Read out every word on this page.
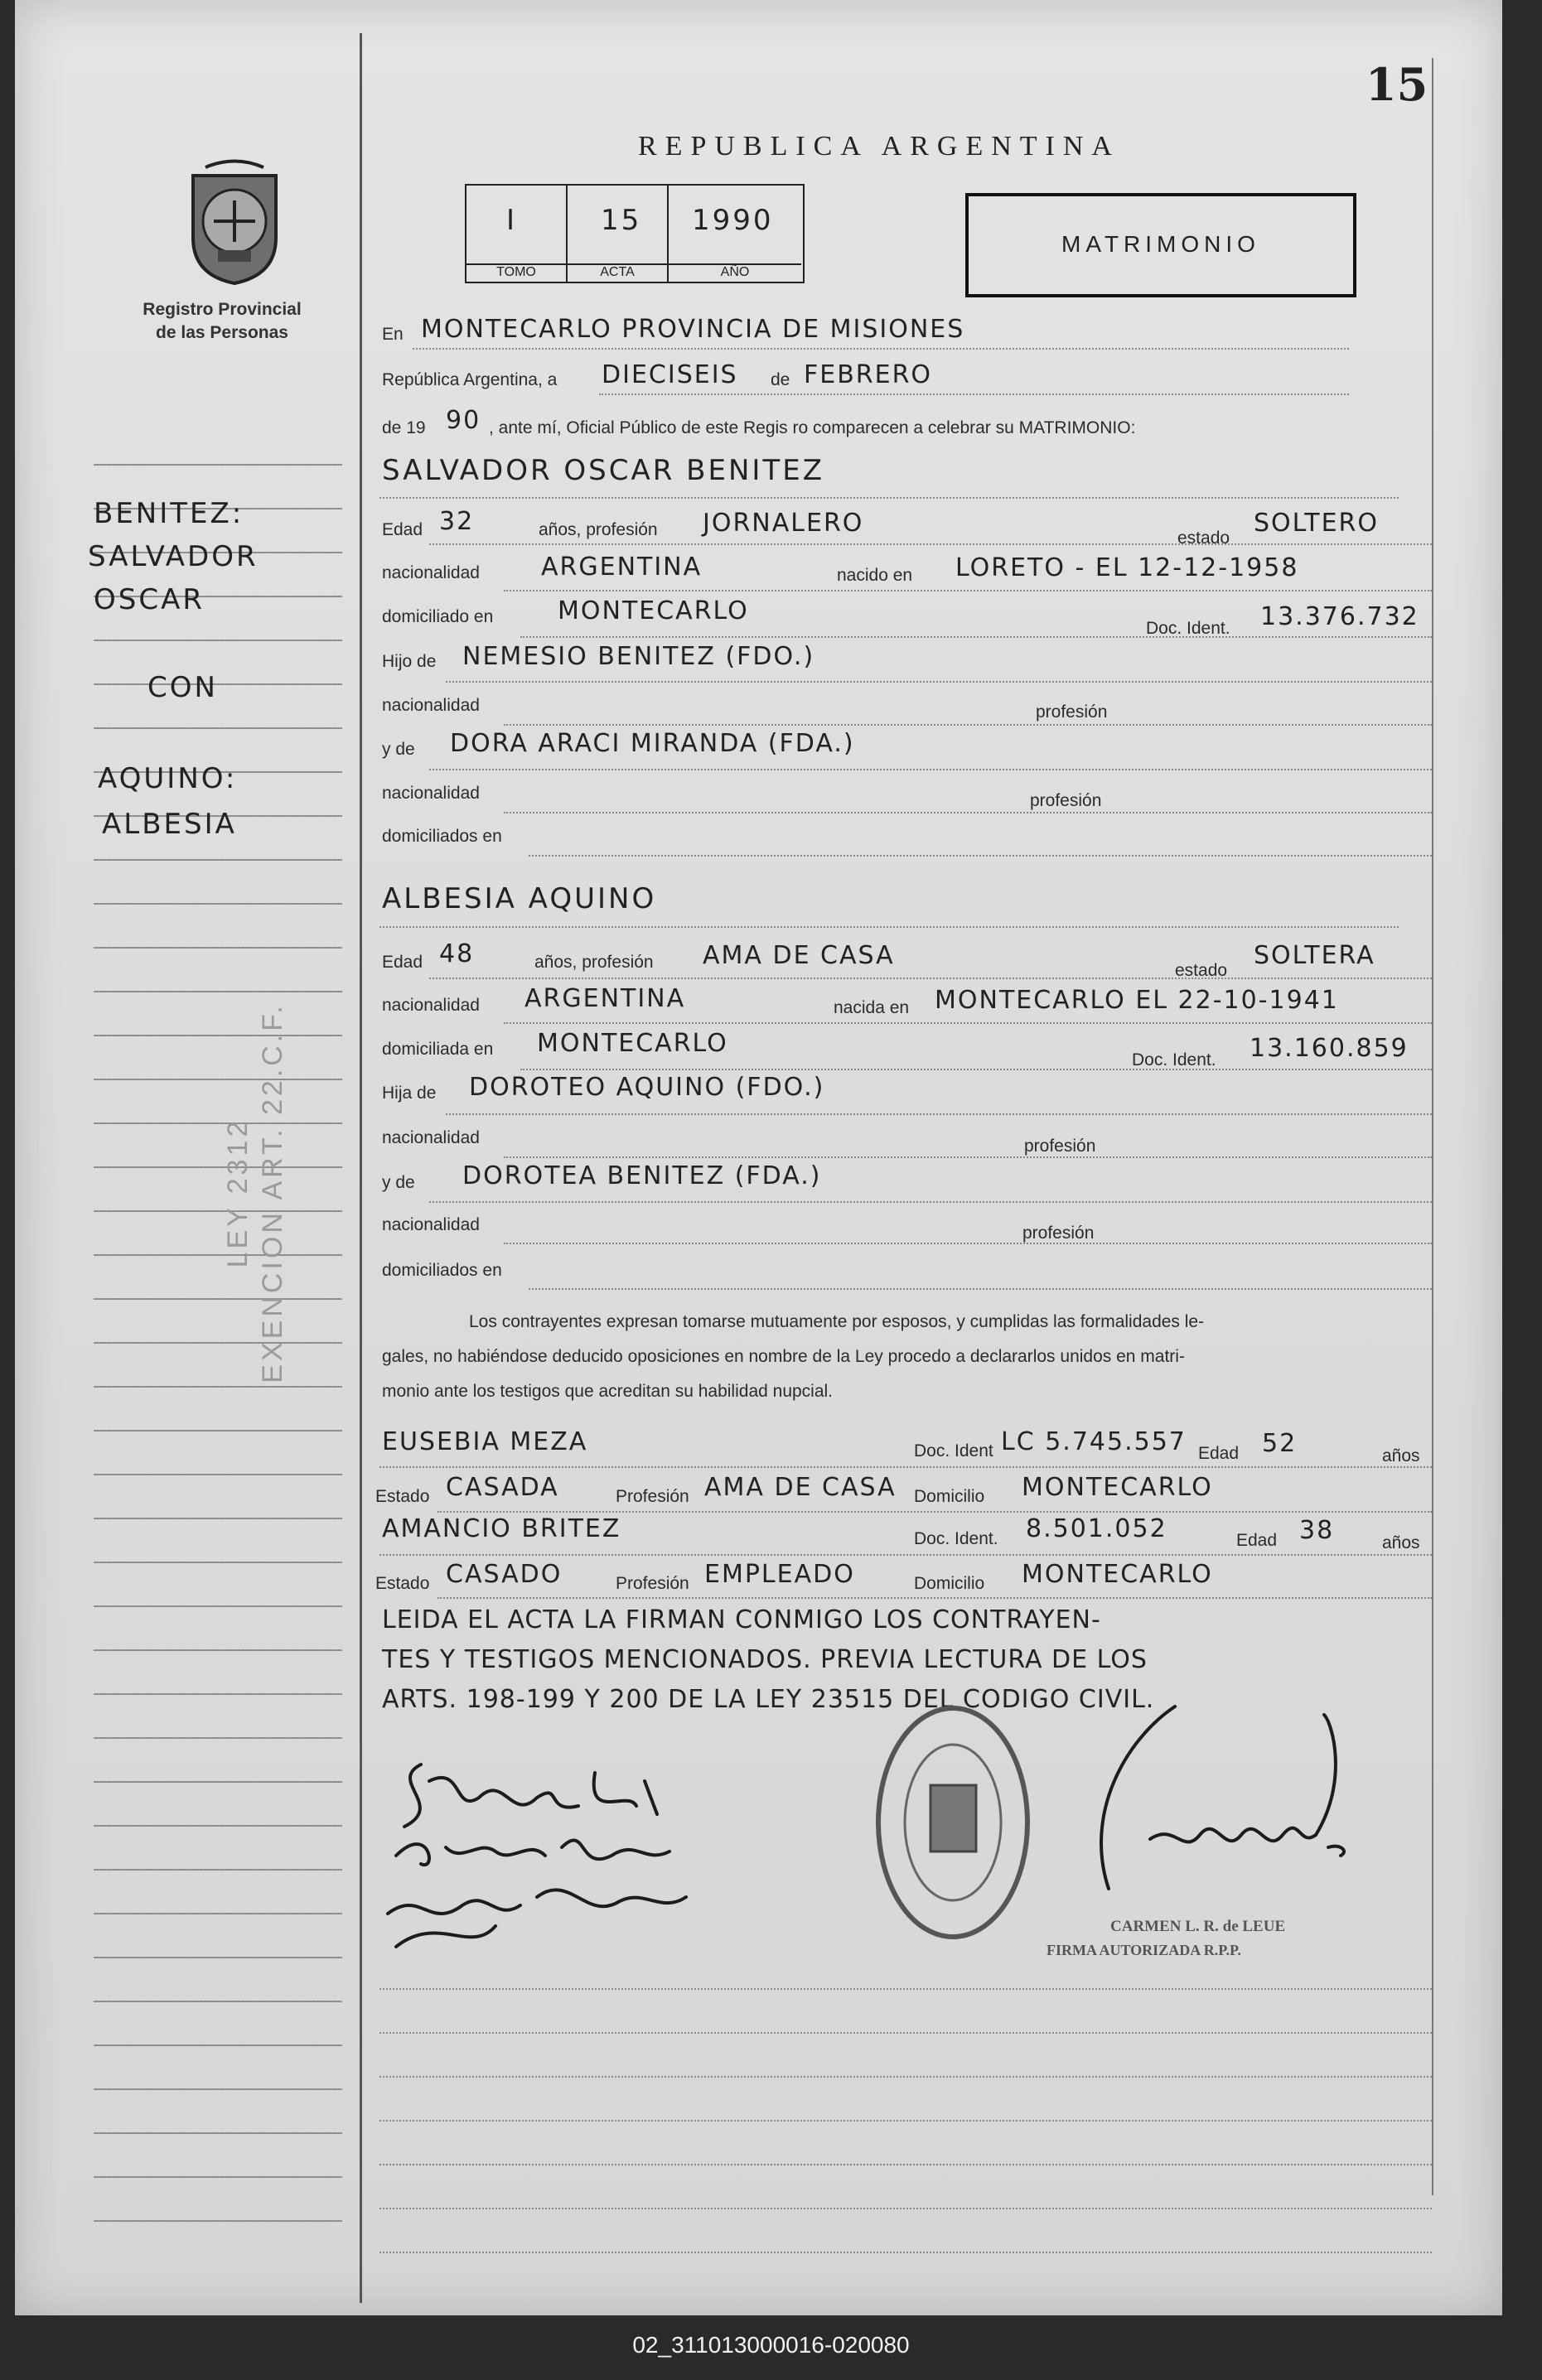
15
Registro Provincial
de las Personas
REPUBLICA ARGENTINA
I
TOMO
15
ACTA
1990
AÑO
MATRIMONIO
BENITEZ:
SALVADOR
OSCAR
CON
AQUINO:
ALBESIA
LEY 2312 EXENCION ART. 22.C.F.
En MONTECARLO PROVINCIA DE MISIONES
República Argentina, a DIECISEIS de FEBRERO
de 19 90 , ante mí, Oficial Público de este Regis ro comparecen a celebrar su MATRIMONIO:
SALVADOR OSCAR BENITEZ
Edad 32	años, profesión JORNALERO
estado
SOLTERO
nacionalidad ARGENTINA	nacido en LORETO - EL 12-12-1958
domiciliado en	MONTECARLO
Doc. Ident. 13.376.732
Hijo de NEMESIO BENITEZ (FDO.)
nacionalidad	profesión
y de DORA ARACI MIRANDA (FDA.)
nacionalidad	profesión
domiciliados en
ALBESIA AQUINO
Edad 48	años, profesión AMA DE CASA
estado
SOLTERA
nacionalidad ARGENTINA	nacida en MONTECARLO EL 22-10-1941
domiciliada en MONTECARLO
Doc. Ident. 13.160.859
Hija de DOROTEO AQUINO (FDO.)
nacionalidad	profesión
y de DOROTEA BENITEZ (FDA.)
nacionalidad	profesión
domiciliados en
Los contrayentes expresan tomarse mutuamente por esposos, y cumplidas las formalidades le-
gales, no habiéndose deducido oposiciones en nombre de la Ley procedo a declararlos unidos en matri-
monio ante los testigos que acreditan su habilidad nupcial.
EUSEBIA MEZA	Doc. Ident LC 5.745.557 Edad 52	años
Estado CASADA	Profesión AMA DE CASA Domicilio MONTECARLO
AMANCIO BRITEZ	Doc. Ident. 8.501.052	Edad 38	años
Estado CASADO	Profesión EMPLEADO	Domicilio MONTECARLO
LEIDA EL ACTA LA FIRMAN CONMIGO LOS CONTRAYEN-
TES Y TESTIGOS MENCIONADOS. PREVIA LECTURA DE LOS
ARTS. 198-199 Y 200 DE LA LEY 23515 DEL CODIGO CIVIL.
CARMEN L. R. de LEUE
FIRMA AUTORIZADA R.P.P.
02_311013000016-020080
